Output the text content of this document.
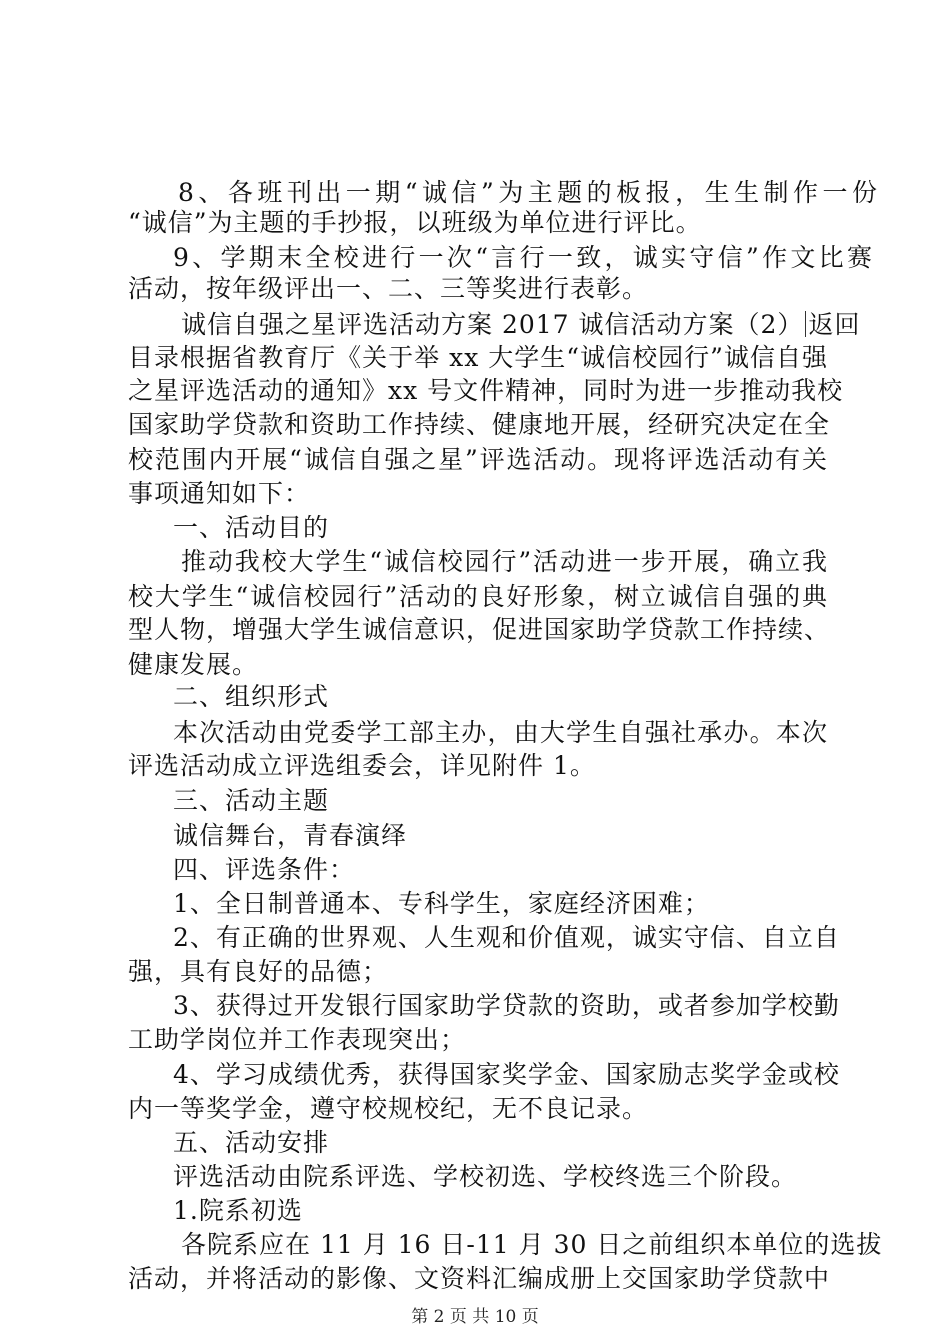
8、各班刊出一期“诚信”为主题的板报，生生制作一份
“诚信”为主题的手抄报，以班级为单位进行评比。
9、学期末全校进行一次“言行一致，诚实守信”作文比赛
活动，按年级评出一、二、三等奖进行表彰。
诚信自强之星评选活动方案 2017 诚信活动方案（2） 返回
目录根据省教育厅《关于举 xx 大学生“诚信校园行”诚信自强
之星评选活动的通知》xx 号文件精神，同时为进一步推动我校
国家助学贷款和资助工作持续、健康地开展，经研究决定在全
校范围内开展“诚信自强之星”评选活动。现将评选活动有关
事项通知如下：
一、活动目的
推动我校大学生“诚信校园行”活动进一步开展，确立我
校大学生“诚信校园行”活动的良好形象，树立诚信自强的典
型人物，增强大学生诚信意识，促进国家助学贷款工作持续、
健康发展。
二、组织形式
本次活动由党委学工部主办，由大学生自强社承办。本次
评选活动成立评选组委会，详见附件 1。
三、活动主题
诚信舞台，青春演绎
四、评选条件：
1、全日制普通本、专科学生，家庭经济困难；
2、有正确的世界观、人生观和价值观，诚实守信、自立自
强，具有良好的品德；
3、获得过开发银行国家助学贷款的资助，或者参加学校勤
工助学岗位并工作表现突出；
4、学习成绩优秀，获得国家奖学金、国家励志奖学金或校
内一等奖学金，遵守校规校纪，无不良记录。
五、活动安排
评选活动由院系评选、学校初选、学校终选三个阶段。
1.院系初选
各院系应在 11 月 16 日-11 月 30 日之前组织本单位的选拔
活动，并将活动的影像、文资料汇编成册上交国家助学贷款中
第 2 页 共 10 页
